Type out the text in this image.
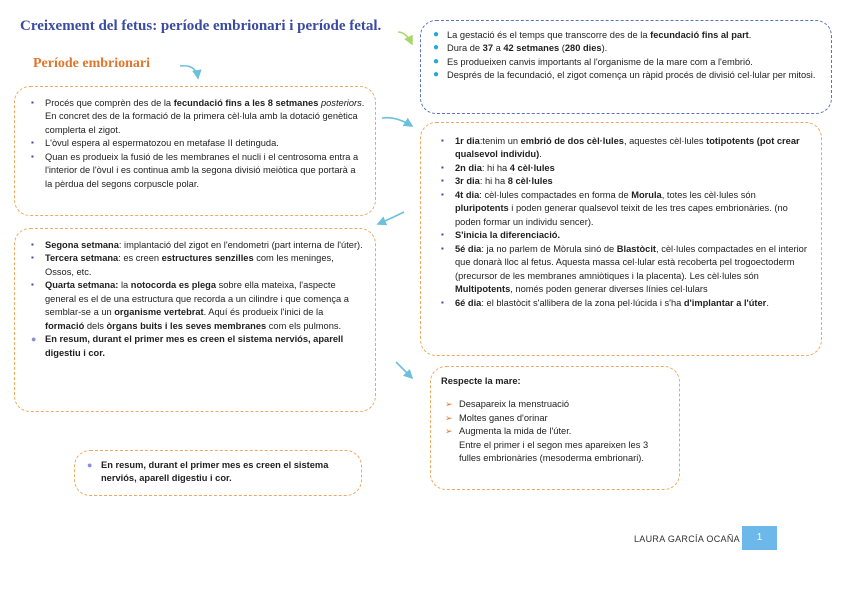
Creixement del fetus: període embrionari i període fetal.
Període embrionari
▪ Procés que comprèn des de la fecundació fins a les 8 setmanes posteriors. En concret des de la formació de la primera cèl·lula amb la dotació genètica complerta el zigot.
▪ L'òvul espera al espermatozou en metafase II detinguda.
▪ Quan es produeix la fusió de les membranes el nucli i el centrosoma entra a l'interior de l'òvul i es continua amb la segona divisió meiòtica que portarà a la pèrdua del segons corpuscle polar.
▪ Segona setmana: implantació del zigot en l'endometri (part interna de l'úter).
▪ Tercera setmana: es creen estructures senzilles com les meninges, Ossos, etc.
▪ Quarta setmana: la notocorda es plega sobre ella mateixa, l'aspecte general es el de una estructura que recorda a un cilindre i que comença a semblar-se a un organisme vertebrat. Aquí és produeix l'inici de la formació dels òrgans buits i les seves membranes com els pulmons.
● En resum, durant el primer mes es creen el sistema nerviós, aparell digestiu i cor.
● En resum, durant el primer mes es creen el sistema nerviós, aparell digestiu i cor.
● La gestació és el temps que transcorre des de la fecundació fins al part.
● Dura de 37 a 42 setmanes (280 dies).
● Es produeixen canvis importants al l'organisme de la mare com a l'embrió.
● Després de la fecundació, el zigot comença un ràpid procés de divisió cel·lular per mitosi.
▪ 1r dia:tenim un embrió de dos cèl·lules, aquestes cèl·lules totipotents (pot crear qualsevol individu).
▪ 2n dia: hi ha 4 cèl·lules
▪ 3r dia: hi ha 8 cèl·lules
▪ 4t dia: cèl·lules compactades en forma de Morula, totes les cèl·lules són pluripotents i poden generar qualsevol teixit de les tres capes embrionàries. (no poden formar un individu sencer).
▪ S'inicia la diferenciació.
▪ 5é dia: ja no parlem de Mòrula sinó de Blastòcit, cèl·lules compactades en el interior que donarà lloc al fetus. Aquesta massa cel·lular està recoberta pel trogoectoderm (precursor de les membranes amniòtiques i la placenta). Les cèl·lules són Multipotents, només poden generar diverses línies cel·lulars
▪ 6é dia: el blastòcit s'allibera de la zona pel·lúcida i s'ha d'implantar a l'úter.
Respecte la mare:
➢ Desapareix la menstruació
➢ Moltes ganes d'orinar
➢ Augmenta la mida de l'úter.
Entre el primer i el segon mes apareixen les 3 fulles embrionàries (mesoderma embrionari).
LAURA GARCÍA OCAÑA	1
